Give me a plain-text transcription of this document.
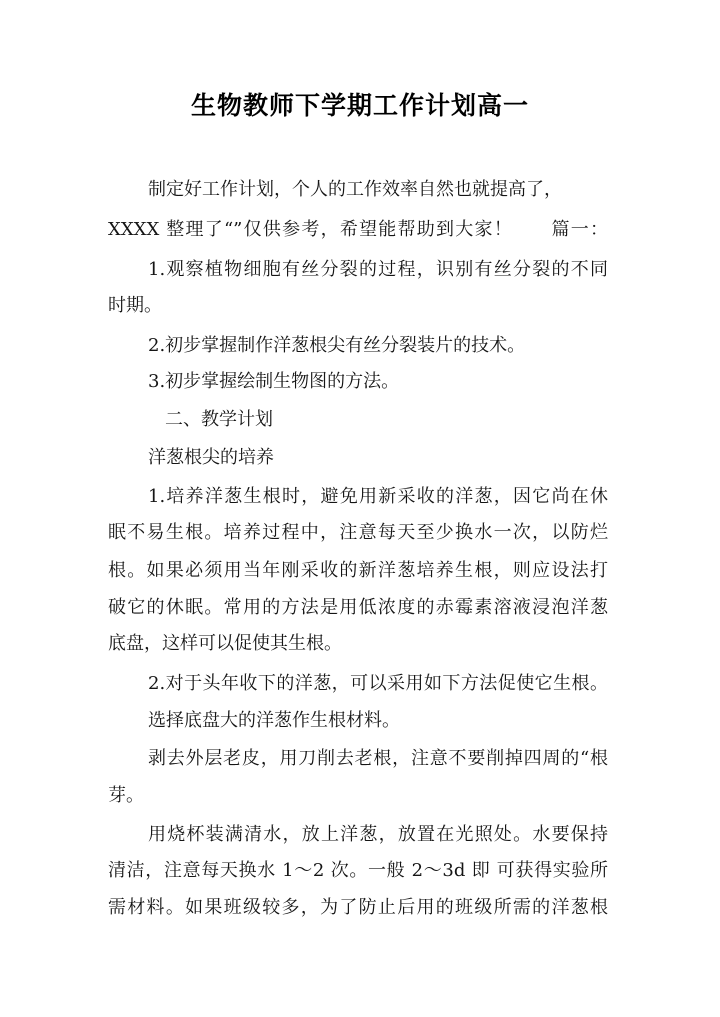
生物教师下学期工作计划高一
制定好工作计划，个人的工作效率自然也就提高了，
XXXX 整理了“”仅供参考，希望能帮助到大家！　　篇一：
1.观察植物细胞有丝分裂的过程，识别有丝分裂的不同
时期。
2.初步掌握制作洋葱根尖有丝分裂装片的技术。
3.初步掌握绘制生物图的方法。
二、教学计划
洋葱根尖的培养
1.培养洋葱生根时，避免用新采收的洋葱，因它尚在休
眠不易生根。培养过程中，注意每天至少换水一次，以防烂
根。如果必须用当年刚采收的新洋葱培养生根，则应设法打
破它的休眠。常用的方法是用低浓度的赤霉素溶液浸泡洋葱
底盘，这样可以促使其生根。
2.对于头年收下的洋葱，可以采用如下方法促使它生根。
选择底盘大的洋葱作生根材料。
剥去外层老皮，用刀削去老根，注意不要削掉四周的“根
芽。
用烧杯装满清水，放上洋葱，放置在光照处。水要保持
清洁，注意每天换水 1～2 次。一般 2～3d 即 可获得实验所
需材料。如果班级较多，为了防止后用的班级所需的洋葱根
